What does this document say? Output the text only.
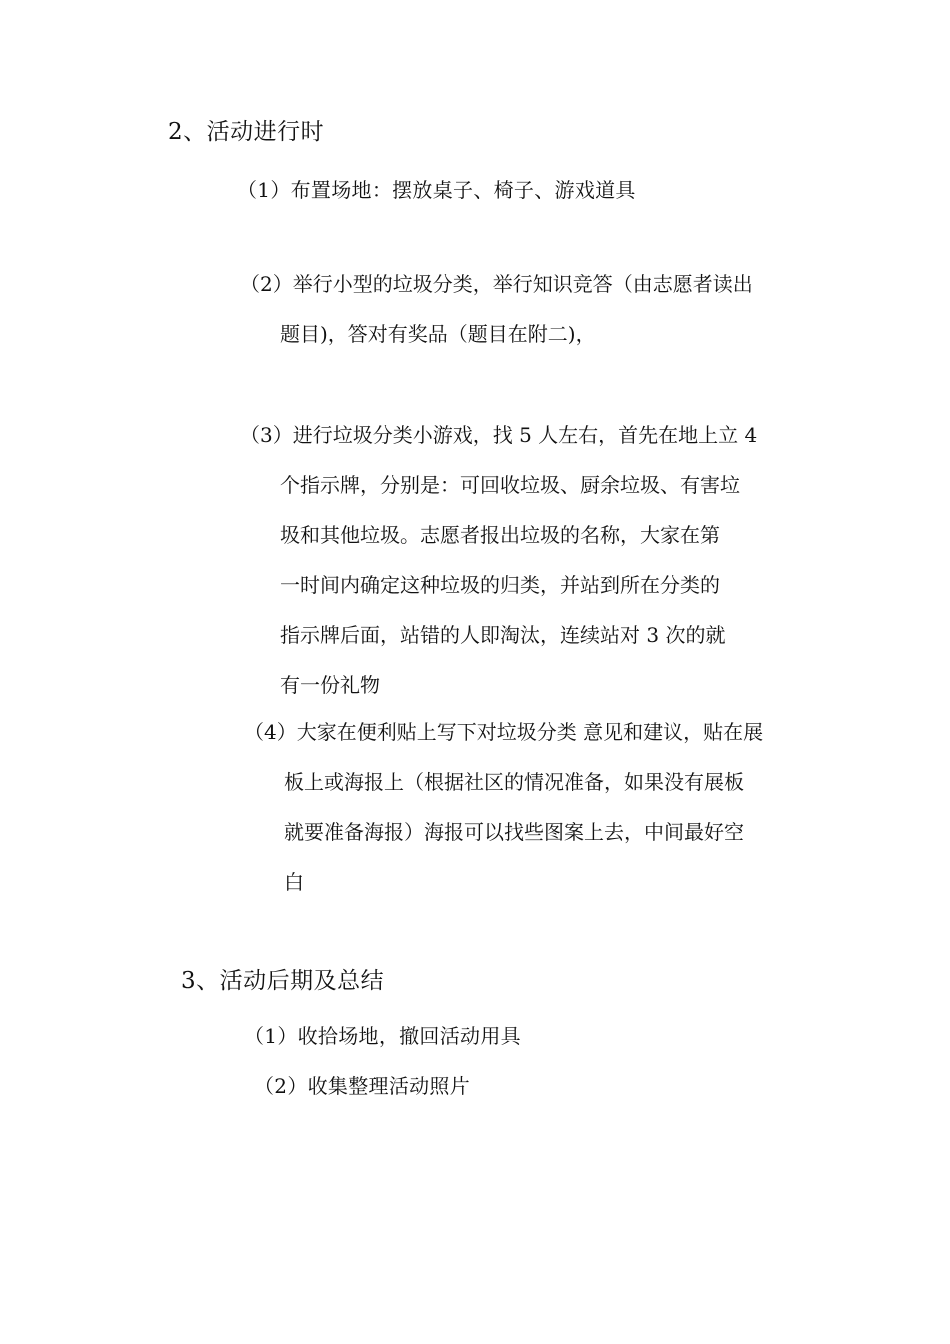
2、活动进行时
（1）布置场地：摆放桌子、椅子、游戏道具
（2）举行小型的垃圾分类，举行知识竞答（由志愿者读出
题目)，答对有奖品（题目在附二)，
（3）进行垃圾分类小游戏，找 5 人左右，首先在地上立 4
个指示牌，分别是：可回收垃圾、厨余垃圾、有害垃
圾和其他垃圾。志愿者报出垃圾的名称，大家在第
一时间内确定这种垃圾的归类，并站到所在分类的
指示牌后面，站错的人即淘汰，连续站对 3 次的就
有一份礼物
（4）大家在便利贴上写下对垃圾分类 意见和建议，贴在展
板上或海报上（根据社区的情况准备，如果没有展板
就要准备海报）海报可以找些图案上去，中间最好空
白
3、活动后期及总结
（1）收拾场地，撤回活动用具
（2）收集整理活动照片
